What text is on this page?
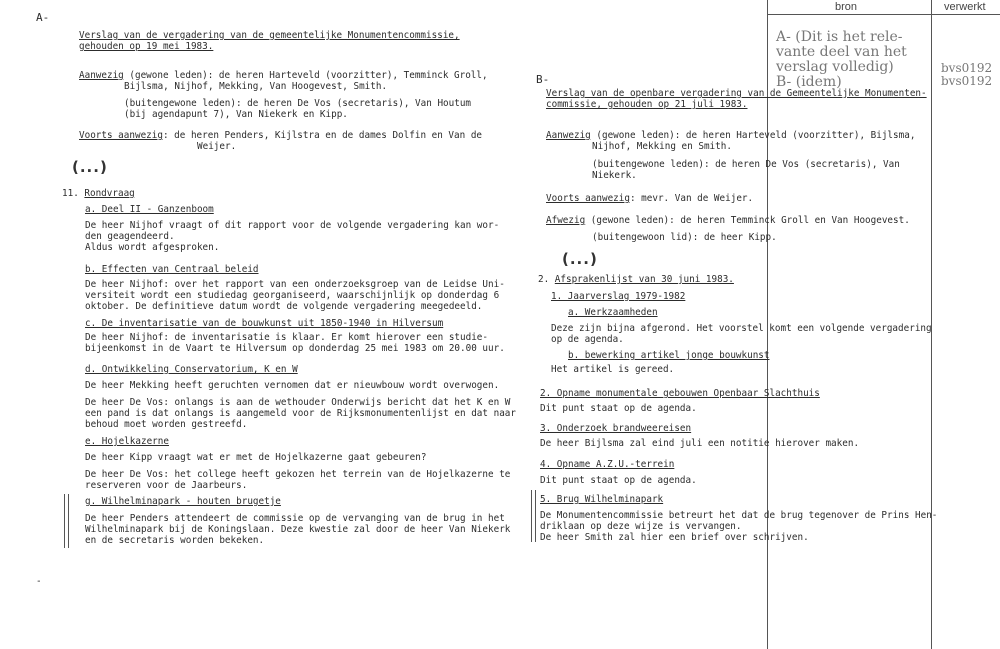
bron	verwerkt
A- (Dit is het rele-
vante deel van het
verslag volledig)
B- (idem)
bvs0192
bvs0192
A-
-
Verslag van de vergadering van de gemeentelijke Monumentencommissie,
gehouden op 19 mei 1983.
Aanwezig (gewone leden): de heren Harteveld (voorzitter), Temminck Groll,
Bijlsma, Nijhof, Mekking, Van Hoogevest, Smith.
(buitengewone leden): de heren De Vos (secretaris), Van Houtum
(bij agendapunt 7), Van Niekerk en Kipp.
Voorts aanwezig: de heren Penders, Kijlstra en de dames Dolfin en Van de
Weijer.
(...)
11. Rondvraag
a. Deel II - Ganzenboom
De heer Nijhof vraagt of dit rapport voor de volgende vergadering kan wor-
den geagendeerd.
Aldus wordt afgesproken.
b. Effecten van Centraal beleid
De heer Nijhof: over het rapport van een onderzoeksgroep van de Leidse Uni-
versiteit wordt een studiedag georganiseerd, waarschijnlijk op donderdag 6
oktober. De definitieve datum wordt de volgende vergadering meegedeeld.
c. De inventarisatie van de bouwkunst uit 1850-1940 in Hilversum
De heer Nijhof: de inventarisatie is klaar. Er komt hierover een studie-
bijeenkomst in de Vaart te Hilversum op donderdag 25 mei 1983 om 20.00 uur.
d. Ontwikkeling Conservatorium, K en W
De heer Mekking heeft geruchten vernomen dat er nieuwbouw wordt overwogen.
De heer De Vos: onlangs is aan de wethouder Onderwijs bericht dat het K en W
een pand is dat onlangs is aangemeld voor de Rijksmonumentenlijst en dat naar
behoud moet worden gestreefd.
e. Hojelkazerne
De heer Kipp vraagt wat er met de Hojelkazerne gaat gebeuren?
De heer De Vos: het college heeft gekozen het terrein van de Hojelkazerne te
reserveren voor de Jaarbeurs.
g. Wilhelminapark - houten brugetje
De heer Penders attendeert de commissie op de vervanging van de brug in het
Wilhelminapark bij de Koningslaan. Deze kwestie zal door de heer Van Niekerk
en de secretaris worden bekeken.
B-
Verslag van de openbare vergadering van de Gemeentelijke Monumenten-
commissie, gehouden op 21 juli 1983.
Aanwezig (gewone leden): de heren Harteveld (voorzitter), Bijlsma,
Nijhof, Mekking en Smith.
(buitengewone leden): de heren De Vos (secretaris), Van
Niekerk.
Voorts aanwezig: mevr. Van de Weijer.
Afwezig (gewone leden): de heren Temminck Groll en Van Hoogevest.
(buitengewoon lid): de heer Kipp.
(...)
2. Afsprakenlijst van 30 juni 1983.
1. Jaarverslag 1979-1982
a. Werkzaamheden
Deze zijn bijna afgerond. Het voorstel komt een volgende vergadering
op de agenda.
b. bewerking artikel jonge bouwkunst
Het artikel is gereed.
2. Opname monumentale gebouwen Openbaar Slachthuis
Dit punt staat op de agenda.
3. Onderzoek brandweereisen
De heer Bijlsma zal eind juli een notitie hierover maken.
4. Opname A.Z.U.-terrein
Dit punt staat op de agenda.
5. Brug Wilhelminapark
De Monumentencommissie betreurt het dat de brug tegenover de Prins Hen-
driklaan op deze wijze is vervangen.
De heer Smith zal hier een brief over schrijven.
